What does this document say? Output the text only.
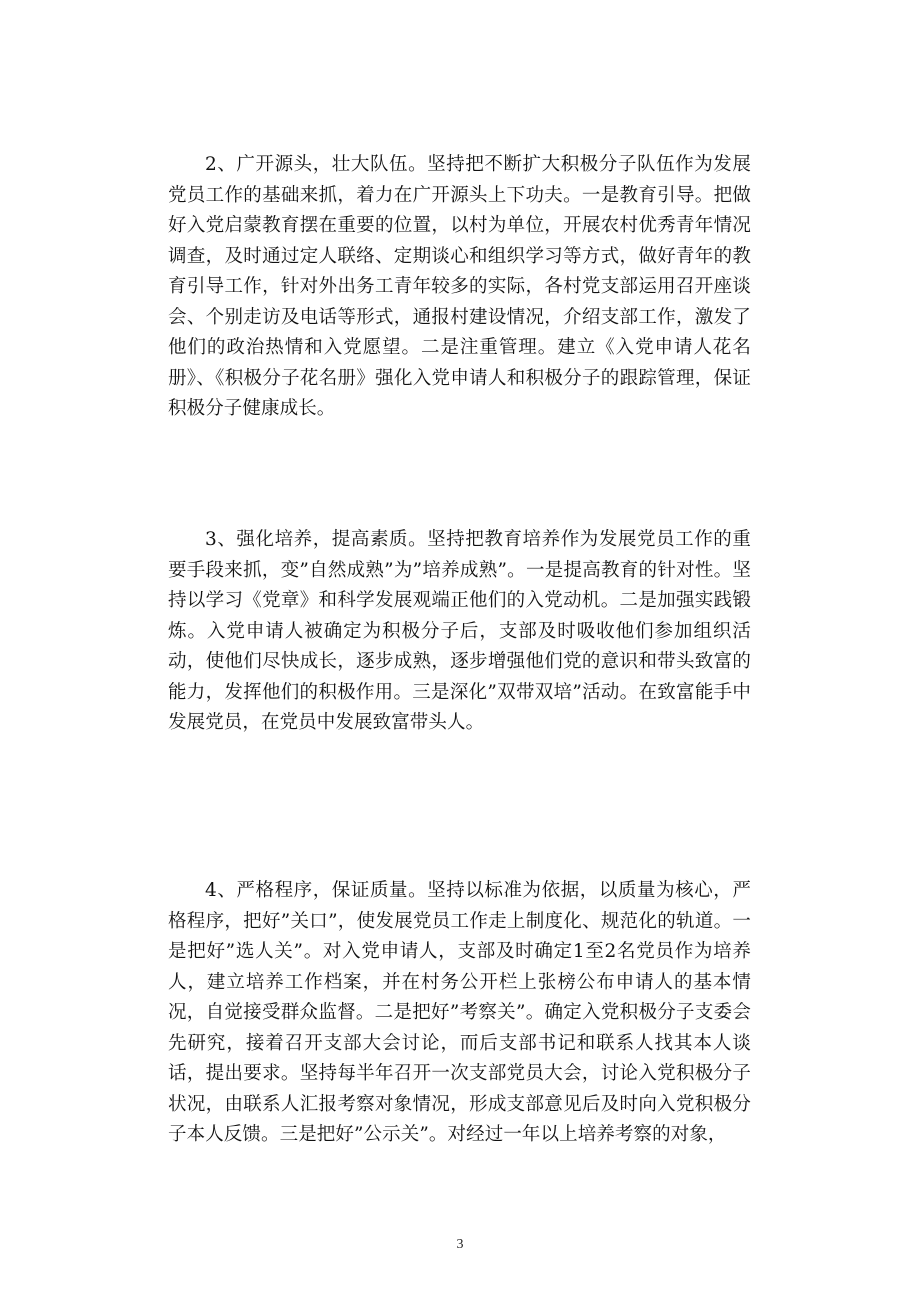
2、广开源头，壮大队伍。坚持把不断扩大积极分子队伍作为发展党员工作的基础来抓，着力在广开源头上下功夫。一是教育引导。把做好入党启蒙教育摆在重要的位置，以村为单位，开展农村优秀青年情况调查，及时通过定人联络、定期谈心和组织学习等方式，做好青年的教育引导工作，针对外出务工青年较多的实际，各村党支部运用召开座谈会、个别走访及电话等形式，通报村建设情况，介绍支部工作，激发了他们的政治热情和入党愿望。二是注重管理。建立《入党申请人花名册》、《积极分子花名册》强化入党申请人和积极分子的跟踪管理，保证积极分子健康成长。

3、强化培养，提高素质。坚持把教育培养作为发展党员工作的重要手段来抓，变”自然成熟”为”培养成熟”。一是提高教育的针对性。坚持以学习《党章》和科学发展观端正他们的入党动机。二是加强实践锻炼。入党申请人被确定为积极分子后，支部及时吸收他们参加组织活动，使他们尽快成长，逐步成熟，逐步增强他们党的意识和带头致富的能力，发挥他们的积极作用。三是深化”双带双培”活动。在致富能手中发展党员，在党员中发展致富带头人。

4、严格程序，保证质量。坚持以标准为依据，以质量为核心，严格程序，把好”关口”，使发展党员工作走上制度化、规范化的轨道。一是把好”选人关”。对入党申请人，支部及时确定1至2名党员作为培养人，建立培养工作档案，并在村务公开栏上张榜公布申请人的基本情况，自觉接受群众监督。二是把好”考察关”。确定入党积极分子支委会先研究，接着召开支部大会讨论，而后支部书记和联系人找其本人谈话，提出要求。坚持每半年召开一次支部党员大会，讨论入党积极分子状况，由联系人汇报考察对象情况，形成支部意见后及时向入党积极分子本人反馈。三是把好”公示关”。对经过一年以上培养考察的对象，

3
